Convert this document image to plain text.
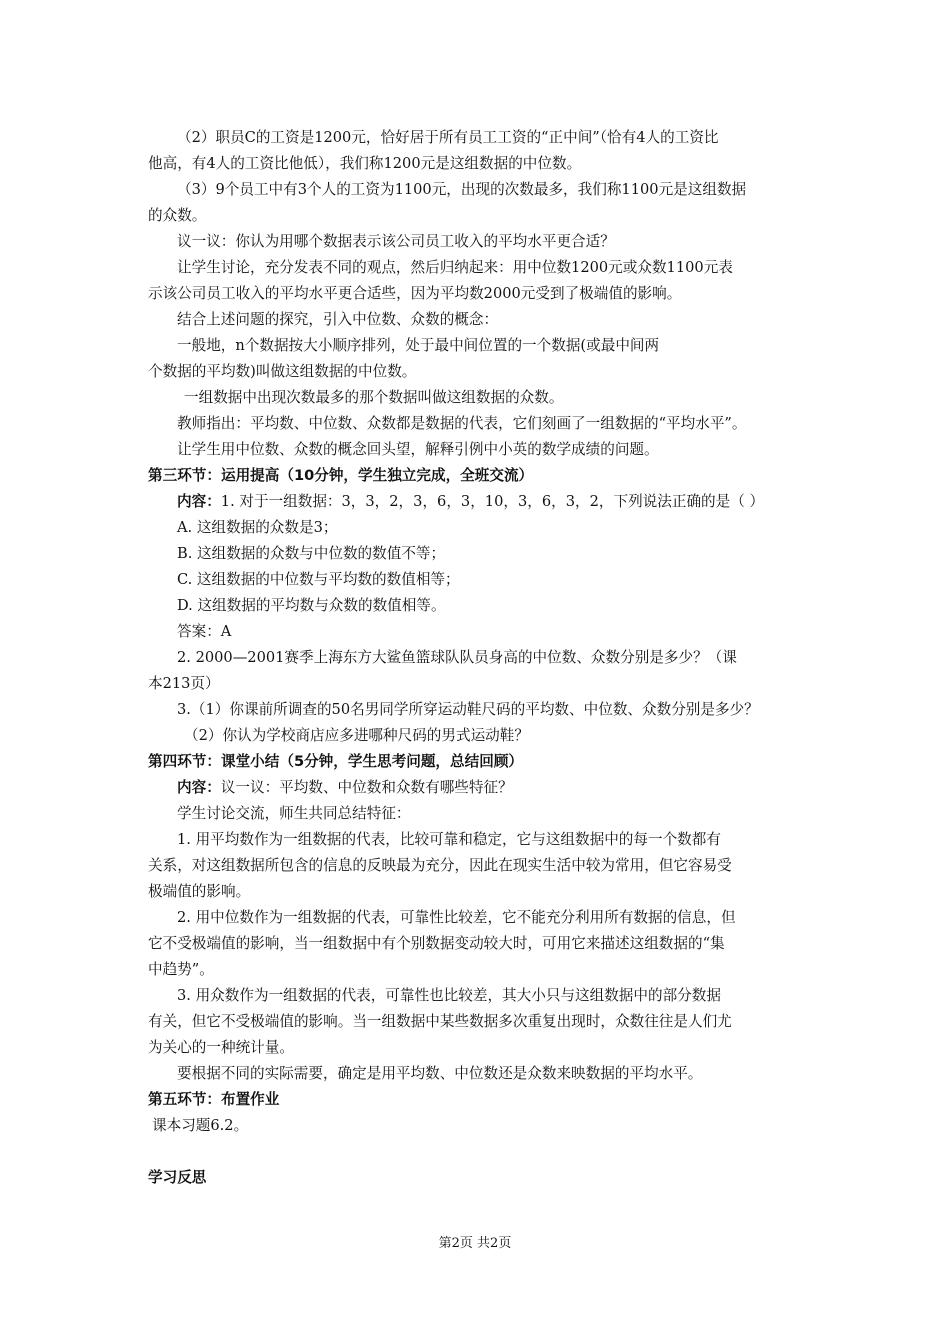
（2）职员C的工资是1200元，恰好居于所有员工工资的“正中间”（恰有4人的工资比
他高，有4人的工资比他低），我们称1200元是这组数据的中位数。
（3）9个员工中有3个人的工资为1100元，出现的次数最多，我们称1100元是这组数据
的众数。
议一议：你认为用哪个数据表示该公司员工收入的平均水平更合适？
让学生讨论，充分发表不同的观点，然后归纳起来：用中位数1200元或众数1100元表
示该公司员工收入的平均水平更合适些，因为平均数2000元受到了极端值的影响。
结合上述问题的探究，引入中位数、众数的概念：
一般地，n个数据按大小顺序排列，处于最中间位置的一个数据(或最中间两
个数据的平均数)叫做这组数据的中位数。
一组数据中出现次数最多的那个数据叫做这组数据的众数。
教师指出：平均数、中位数、众数都是数据的代表，它们刻画了一组数据的“平均水平”。
让学生用中位数、众数的概念回头望，解释引例中小英的数学成绩的问题。
第三环节：运用提高（10分钟，学生独立完成，全班交流）
内容：1. 对于一组数据：3，3，2，3，6，3，10，3，6，3，2，下列说法正确的是（ ）
A. 这组数据的众数是3；
B. 这组数据的众数与中位数的数值不等；
C. 这组数据的中位数与平均数的数值相等；
D. 这组数据的平均数与众数的数值相等。
答案：A
2. 2000—2001赛季上海东方大鲨鱼篮球队队员身高的中位数、众数分别是多少？（课
本213页）
3.（1）你课前所调查的50名男同学所穿运动鞋尺码的平均数、中位数、众数分别是多少？
（2）你认为学校商店应多进哪种尺码的男式运动鞋？
第四环节：课堂小结（5分钟，学生思考问题，总结回顾）
内容：议一议：平均数、中位数和众数有哪些特征？
学生讨论交流，师生共同总结特征：
1. 用平均数作为一组数据的代表，比较可靠和稳定，它与这组数据中的每一个数都有
关系，对这组数据所包含的信息的反映最为充分，因此在现实生活中较为常用，但它容易受
极端值的影响。
2. 用中位数作为一组数据的代表，可靠性比较差，它不能充分利用所有数据的信息，但
它不受极端值的影响，当一组数据中有个别数据变动较大时，可用它来描述这组数据的“集
中趋势”。
3. 用众数作为一组数据的代表，可靠性也比较差，其大小只与这组数据中的部分数据
有关，但它不受极端值的影响。当一组数据中某些数据多次重复出现时，众数往往是人们尤
为关心的一种统计量。
要根据不同的实际需要，确定是用平均数、中位数还是众数来映数据的平均水平。
第五环节：布置作业
课本习题6.2。
学习反思
第2页 共2页
